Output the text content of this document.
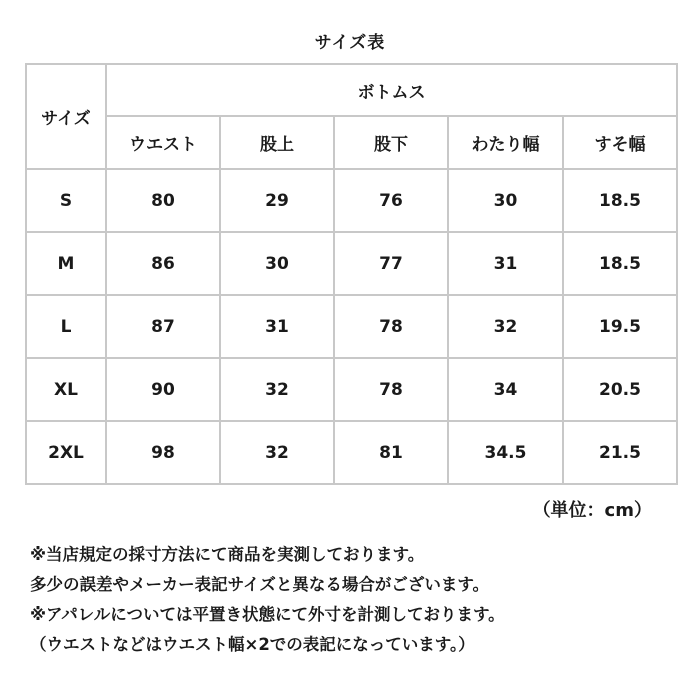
サイズ表
サイズ	ボトムス				
	ウエスト	股上	股下	わたり幅	すそ幅
S	80	29	76	30	18.5
M	86	30	77	31	18.5
L	87	31	78	32	19.5
XL	90	32	78	34	20.5
2XL	98	32	81	34.5	21.5
（単位：cm）
※当店規定の採寸方法にて商品を実測しております。
多少の誤差やメーカー表記サイズと異なる場合がございます。
※アパレルについては平置き状態にて外寸を計測しております。
（ウエストなどはウエスト幅×2での表記になっています。）
